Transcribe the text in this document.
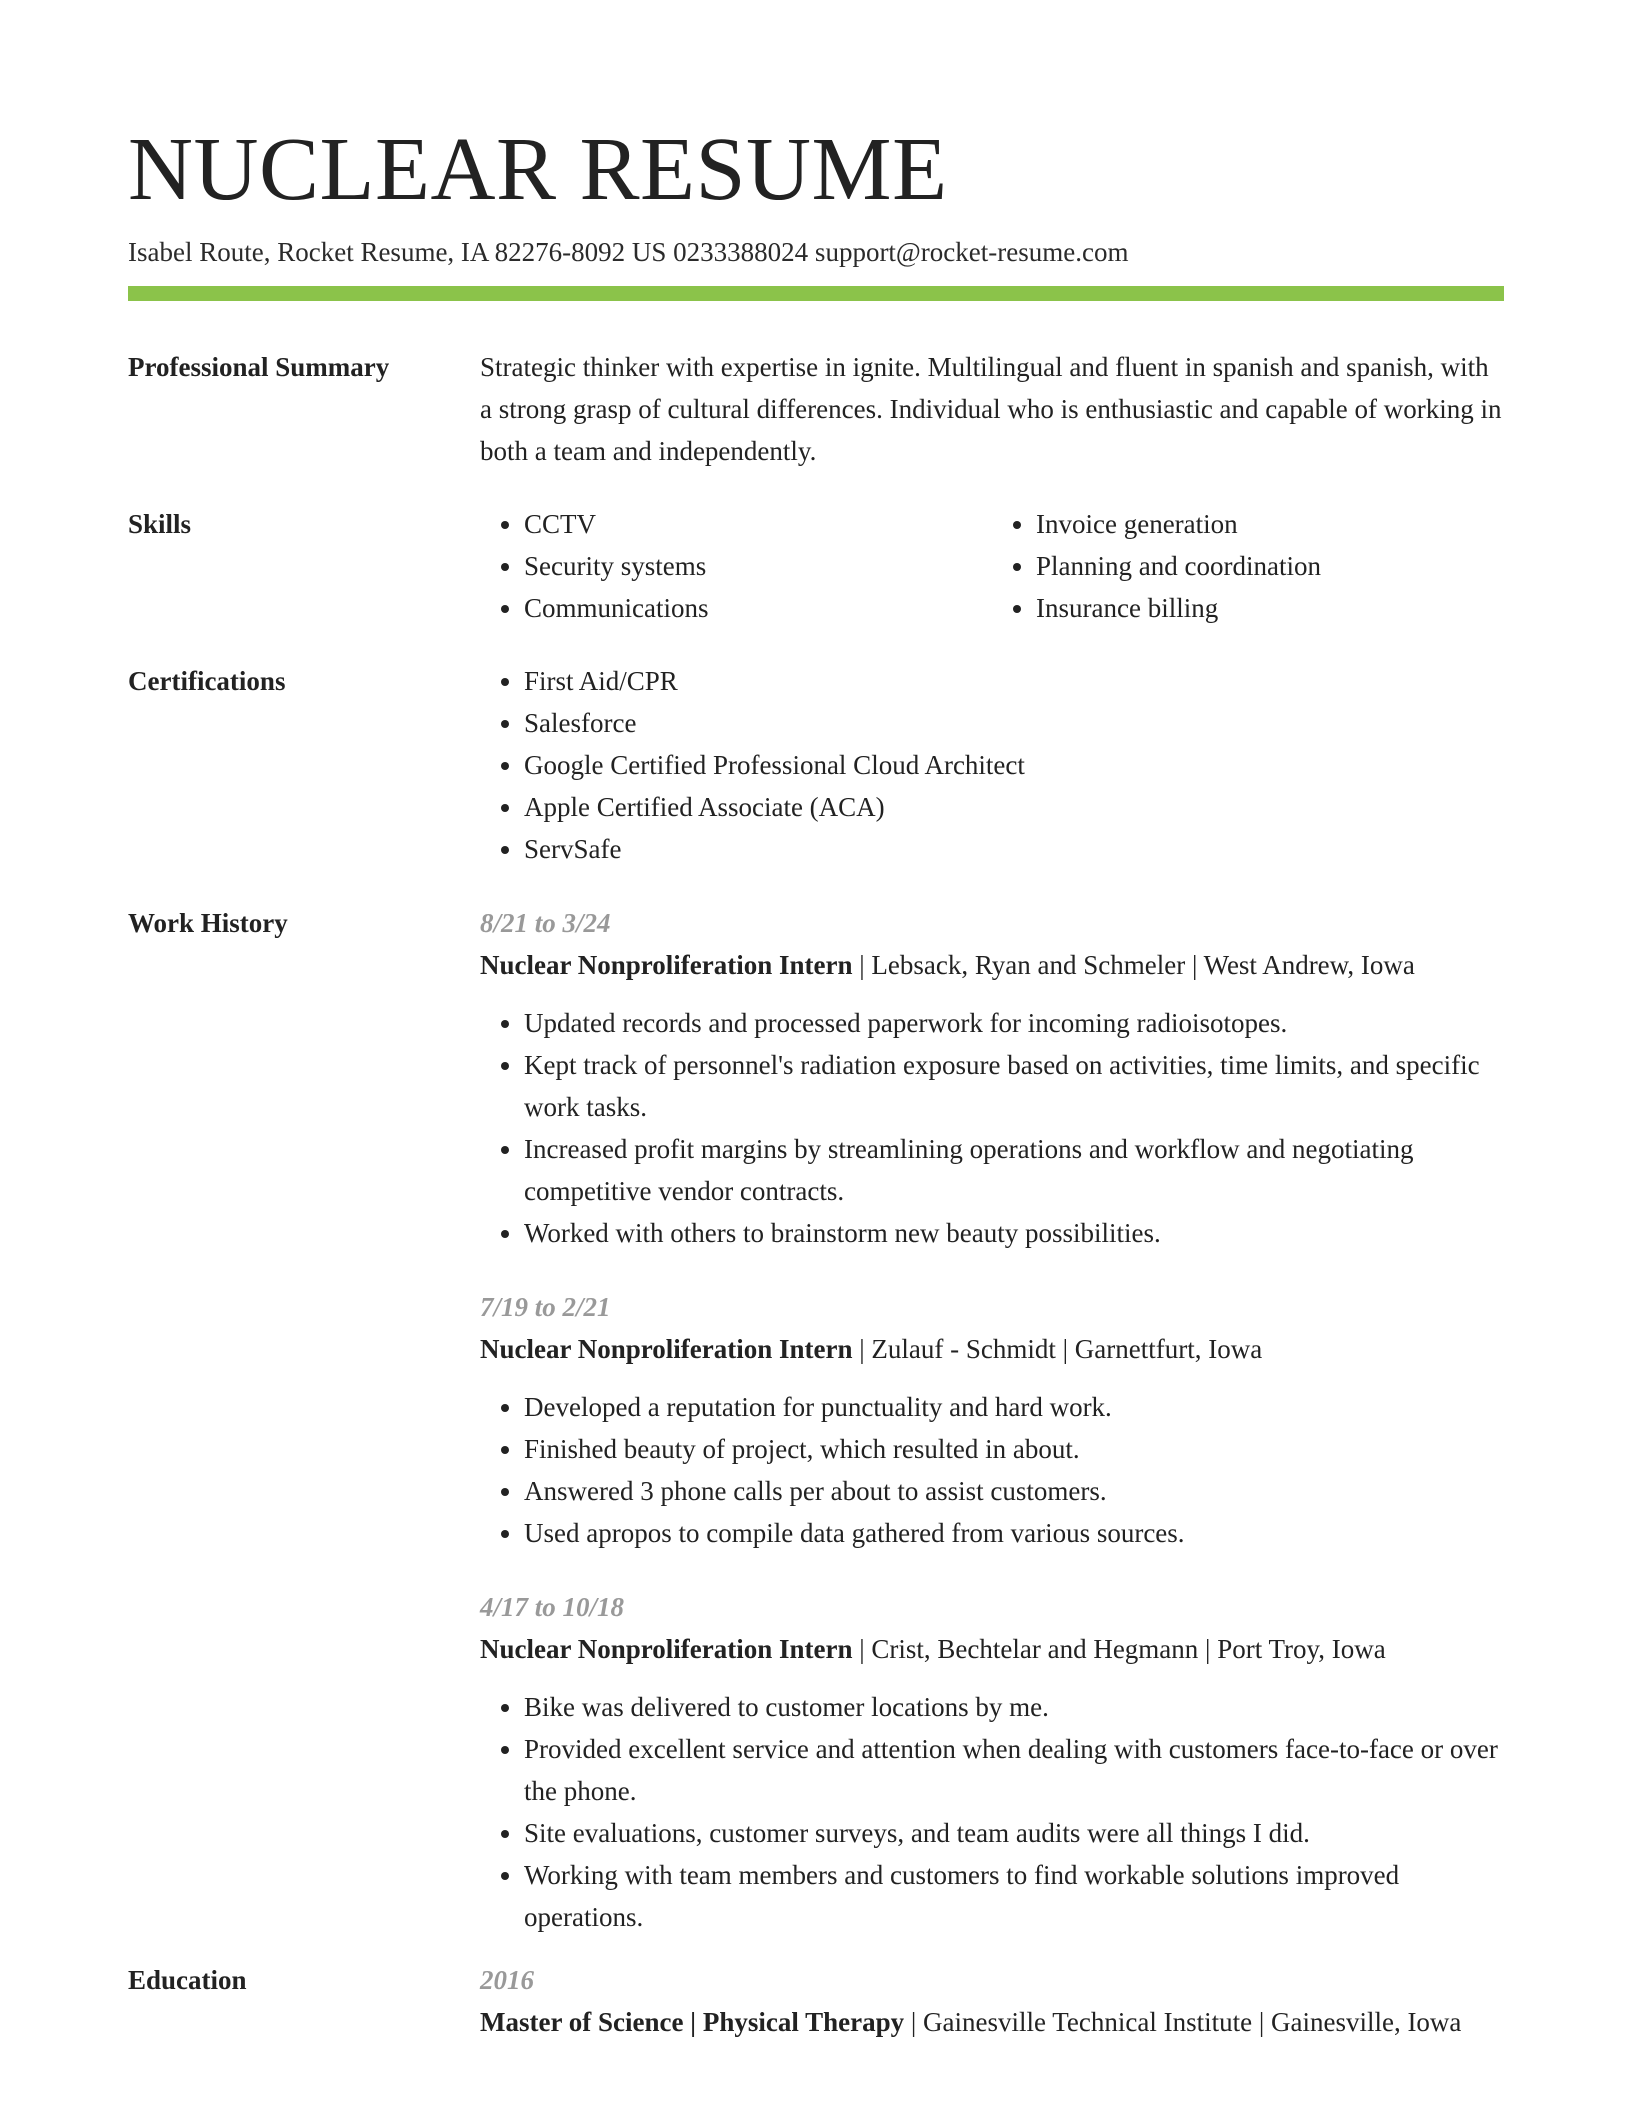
NUCLEAR RESUME
Isabel Route, Rocket Resume, IA 82276-8092 US 0233388024 support@rocket-resume.com
Professional Summary	Strategic thinker with expertise in ignite. Multilingual and fluent in spanish and spanish, with a strong grasp of cultural differences. Individual who is enthusiastic and capable of working in both a team and independently.
Skills	• CCTV
• Security systems
• Communications
• Invoice generation
• Planning and coordination
• Insurance billing
Certifications	• First Aid/CPR
• Salesforce
• Google Certified Professional Cloud Architect
• Apple Certified Associate (ACA)
• ServSafe
Work History	8/21 to 3/24
Nuclear Nonproliferation Intern | Lebsack, Ryan and Schmeler | West Andrew, Iowa
• Updated records and processed paperwork for incoming radioisotopes.
• Kept track of personnel's radiation exposure based on activities, time limits, and specific work tasks.
• Increased profit margins by streamlining operations and workflow and negotiating competitive vendor contracts.
• Worked with others to brainstorm new beauty possibilities.
7/19 to 2/21
Nuclear Nonproliferation Intern | Zulauf - Schmidt | Garnettfurt, Iowa
• Developed a reputation for punctuality and hard work.
• Finished beauty of project, which resulted in about.
• Answered 3 phone calls per about to assist customers.
• Used apropos to compile data gathered from various sources.
4/17 to 10/18
Nuclear Nonproliferation Intern | Crist, Bechtelar and Hegmann | Port Troy, Iowa
• Bike was delivered to customer locations by me.
• Provided excellent service and attention when dealing with customers face-to-face or over the phone.
• Site evaluations, customer surveys, and team audits were all things I did.
• Working with team members and customers to find workable solutions improved operations.
Education	2016
Master of Science | Physical Therapy | Gainesville Technical Institute | Gainesville, Iowa
